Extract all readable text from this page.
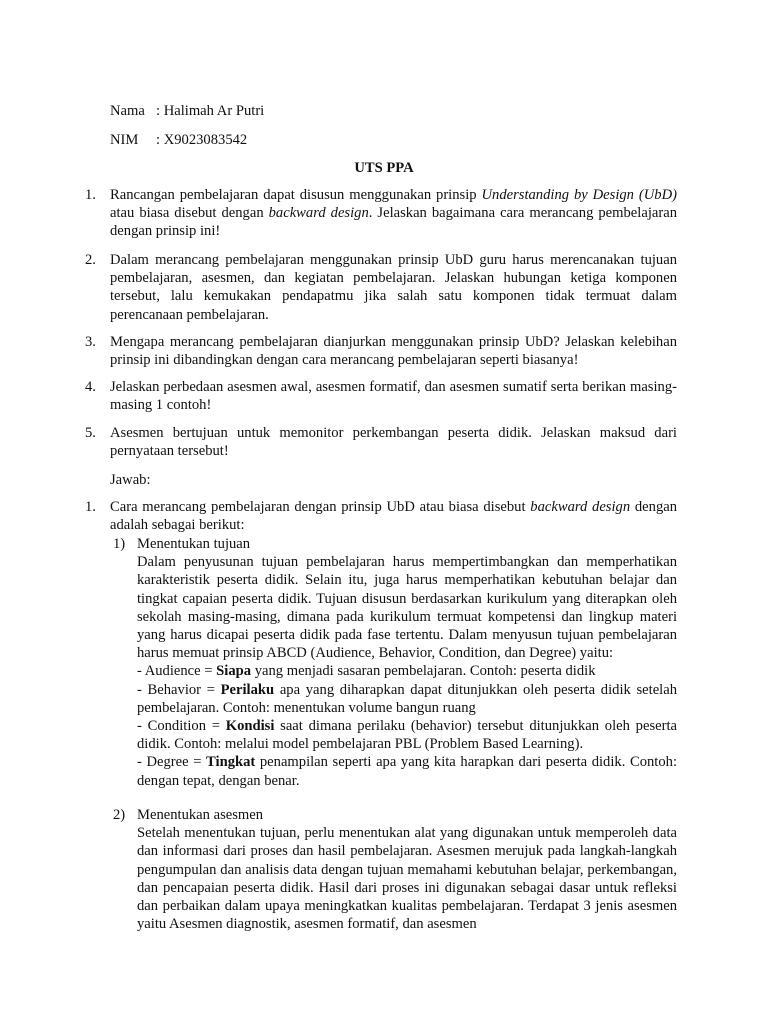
Nama : Halimah Ar Putri
NIM : X9023083542
UTS PPA
1. Rancangan pembelajaran dapat disusun menggunakan prinsip Understanding by Design (UbD) atau biasa disebut dengan backward design. Jelaskan bagaimana cara merancang pembelajaran dengan prinsip ini!
2. Dalam merancang pembelajaran menggunakan prinsip UbD guru harus merencanakan tujuan pembelajaran, asesmen, dan kegiatan pembelajaran. Jelaskan hubungan ketiga komponen tersebut, lalu kemukakan pendapatmu jika salah satu komponen tidak termuat dalam perencanaan pembelajaran.
3. Mengapa merancang pembelajaran dianjurkan menggunakan prinsip UbD? Jelaskan kelebihan prinsip ini dibandingkan dengan cara merancang pembelajaran seperti biasanya!
4. Jelaskan perbedaan asesmen awal, asesmen formatif, dan asesmen sumatif serta berikan masing-masing 1 contoh!
5. Asesmen bertujuan untuk memonitor perkembangan peserta didik. Jelaskan maksud dari pernyataan tersebut!
Jawab:
1. Cara merancang pembelajaran dengan prinsip UbD atau biasa disebut backward design dengan adalah sebagai berikut:
1) Menentukan tujuan
Dalam penyusunan tujuan pembelajaran harus mempertimbangkan dan memperhatikan karakteristik peserta didik. Selain itu, juga harus memperhatikan kebutuhan belajar dan tingkat capaian peserta didik. Tujuan disusun berdasarkan kurikulum yang diterapkan oleh sekolah masing-masing, dimana pada kurikulum termuat kompetensi dan lingkup materi yang harus dicapai peserta didik pada fase tertentu. Dalam menyusun tujuan pembelajaran harus memuat prinsip ABCD (Audience, Behavior, Condition, dan Degree) yaitu:
- Audience = Siapa yang menjadi sasaran pembelajaran. Contoh: peserta didik
- Behavior = Perilaku apa yang diharapkan dapat ditunjukkan oleh peserta didik setelah pembelajaran. Contoh: menentukan volume bangun ruang
- Condition = Kondisi saat dimana perilaku (behavior) tersebut ditunjukkan oleh peserta didik. Contoh: melalui model pembelajaran PBL (Problem Based Learning).
- Degree = Tingkat penampilan seperti apa yang kita harapkan dari peserta didik. Contoh: dengan tepat, dengan benar.
2) Menentukan asesmen
Setelah menentukan tujuan, perlu menentukan alat yang digunakan untuk memperoleh data dan informasi dari proses dan hasil pembelajaran. Asesmen merujuk pada langkah-langkah pengumpulan dan analisis data dengan tujuan memahami kebutuhan belajar, perkembangan, dan pencapaian peserta didik. Hasil dari proses ini digunakan sebagai dasar untuk refleksi dan perbaikan dalam upaya meningkatkan kualitas pembelajaran. Terdapat 3 jenis asesmen yaitu Asesmen diagnostik, asesmen formatif, dan asesmen
